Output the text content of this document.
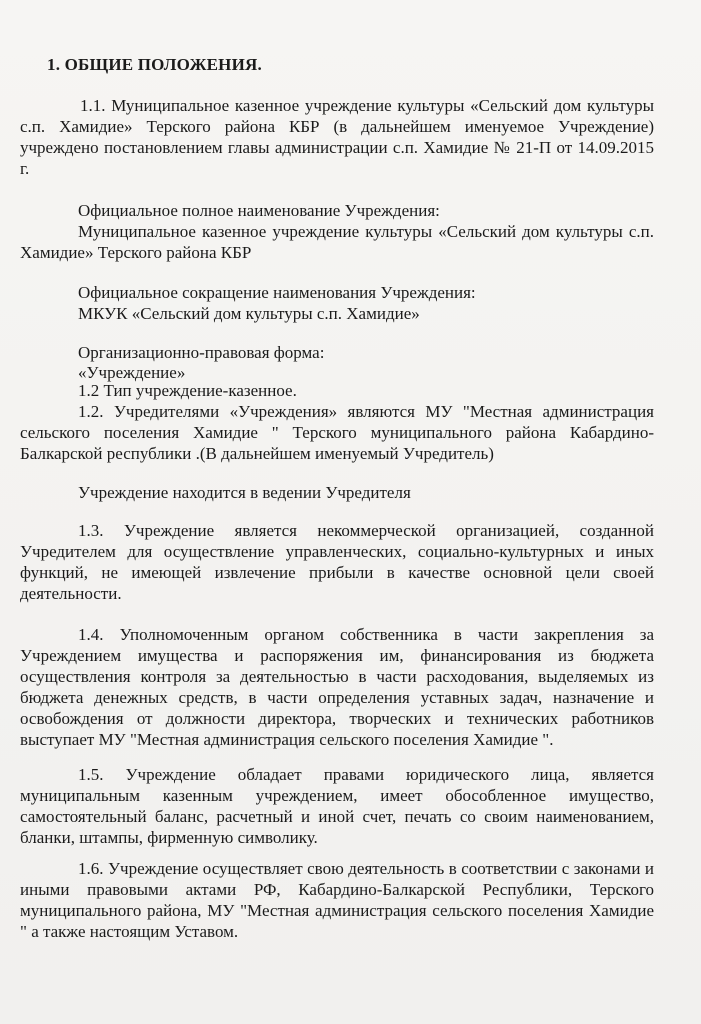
1. ОБЩИЕ ПОЛОЖЕНИЯ.
1.1. Муниципальное казенное учреждение культуры «Сельский дом культуры с.п. Хамидие» Терского района КБР (в дальнейшем именуемое Учреждение) учреждено постановлением главы администрации с.п. Хамидие № 21-П от 14.09.2015 г.
Официальное полное наименование Учреждения:
Муниципальное казенное учреждение культуры «Сельский дом культуры с.п. Хамидие» Терского района КБР
Официальное сокращение наименования Учреждения:
МКУК «Сельский дом культуры с.п. Хамидие»
Организационно-правовая форма:
«Учреждение»
1.2 Тип учреждение-казенное.
1.2. Учредителями «Учреждения» являются МУ "Местная администрация сельского поселения Хамидие " Терского муниципального района Кабардино-Балкарской республики .(В дальнейшем именуемый Учредитель)
Учреждение находится в ведении Учредителя
1.3. Учреждение является некоммерческой организацией, созданной Учредителем для осуществление управленческих, социально-культурных и иных функций, не имеющей извлечение прибыли в качестве основной цели своей деятельности.
1.4. Уполномоченным органом собственника в части закрепления за Учреждением имущества и распоряжения им, финансирования из бюджета осуществления контроля за деятельностью в части расходования, выделяемых из бюджета денежных средств, в части определения уставных задач, назначение и освобождения от должности директора, творческих и технических работников выступает МУ "Местная администрация сельского поселения Хамидие ".
1.5. Учреждение обладает правами юридического лица, является муниципальным казенным учреждением, имеет обособленное имущество, самостоятельный баланс, расчетный и иной счет, печать со своим наименованием, бланки, штампы, фирменную символику.
1.6. Учреждение осуществляет свою деятельность в соответствии с законами и иными правовыми актами РФ, Кабардино-Балкарской Республики, Терского муниципального района, МУ "Местная администрация сельского поселения Хамидие " а также настоящим Уставом.
